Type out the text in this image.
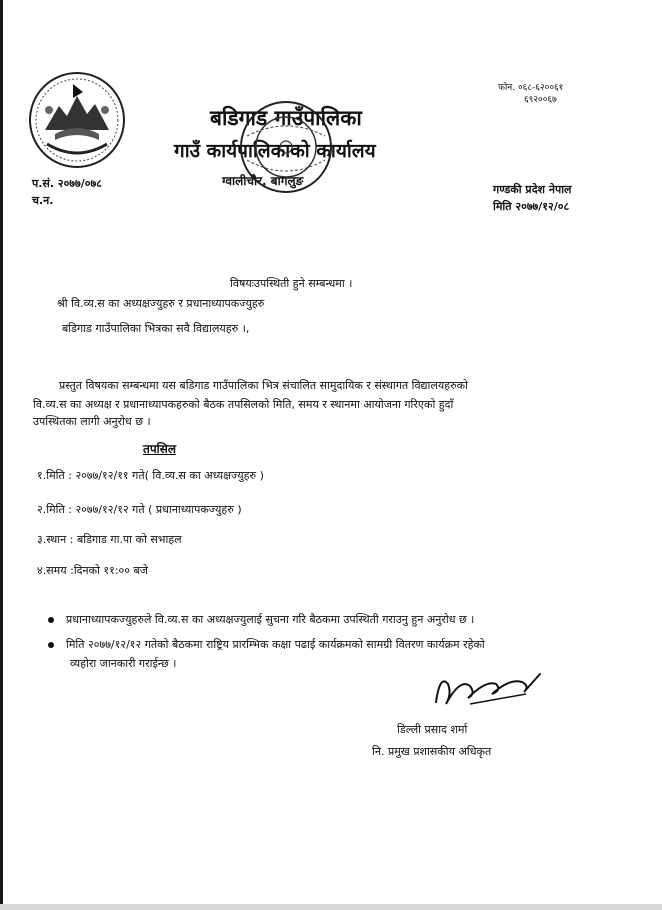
बडिगाड गाउँपालिका
गाउँ कार्यपालिकाको कार्यालय
ग्वालीचौर, बागलुङ
फोन. ०६८-६२००६१
६९२००६७
प.सं. २०७७/०७८
च.न.
गण्डकी प्रदेश नेपाल
मिति २०७७/१२/०८
विषयःउपस्थिती हुने सम्बन्धमा ।
श्री वि.व्य.स का अध्यक्षज्युहरु र प्रधानाध्यापकज्युहरु
बडिगाड गाउँपालिका भित्रका सवै विद्यालयहरु ।,
प्रस्तुत विषयका सम्बन्धमा यस बडिगाड गाउँपालिका भित्र संचालित सामुदायिक र संस्थागत विद्यालयहरुको
वि.व्य.स का अध्यक्ष र प्रधानाध्यापकहरुको बैठक तपसिलको मिति, समय र स्थानमा आयोजना गरिएको हुदाँ
उपस्थितका लागी अनुरोध छ ।
तपसिल
१.मिति : २०७७/१२/११ गते( वि.व्य.स का अध्यक्षज्युहरु )
२.मिति : २०७७/१२/१२ गते ( प्रधानाध्यापकज्युहरु )
३.स्थान : बडिगाड गा.पा को सभाहल
४.समय :दिनको ११:०० बजे
प्रधानाध्यापकज्युहरुले वि.व्य.स का अध्यक्षज्युलाई सुचना गरि बैठकमा उपस्थिती गराउनु हुन अनुरोध छ ।
मिति २०७७/१२/१२ गतेको बैठकमा राष्ट्रिय प्रारम्भिक कक्षा पढाई कार्यक्रमको सामग्री वितरण कार्यक्रम रहेको
व्यहोरा जानकारी गराईन्छ ।
डिल्ली प्रसाद शर्मा
नि. प्रमुख प्रशासकीय अधिकृत
